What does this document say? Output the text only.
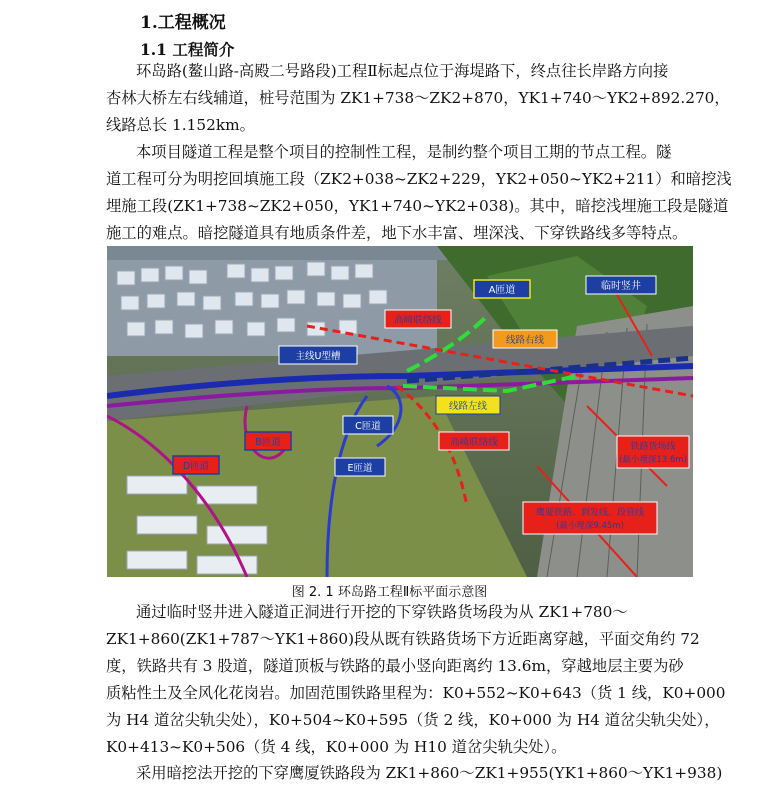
1.工程概况
1.1 工程简介
环岛路(鳌山路-高殿二号路段)工程Ⅱ标起点位于海堤路下，终点往长岸路方向接
杏林大桥左右线辅道，桩号范围为 ZK1+738～ZK2+870，YK1+740～YK2+892.270，
线路总长 1.152km。
本项目隧道工程是整个项目的控制性工程，是制约整个项目工期的节点工程。隧
道工程可分为明挖回填施工段（ZK2+038~ZK2+229，YK2+050~YK2+211）和暗挖浅
埋施工段(ZK1+738~ZK2+050，YK1+740~YK2+038)。其中，暗挖浅埋施工段是隧道
施工的难点。暗挖隧道具有地质条件差，地下水丰富、埋深浅、下穿铁路线多等特点。
A匝道	临时竖井
高崎联络线
线路右线
主线U型槽
线路左线
C匝道
B匝道	高崎联络线
D匝道	E匝道
铁路货场线
(最小埋深13.6m)
鹰厦铁路、到发线、段管线
(最小埋深9.45m)
图 2. 1 环岛路工程Ⅱ标平面示意图
通过临时竖井进入隧道正洞进行开挖的下穿铁路货场段为从 ZK1+780～
ZK1+860(ZK1+787～YK1+860)段从既有铁路货场下方近距离穿越，平面交角约 72
度，铁路共有 3 股道，隧道顶板与铁路的最小竖向距离约 13.6m，穿越地层主要为砂
质粘性土及全风化花岗岩。加固范围铁路里程为：K0+552~K0+643（货 1 线，K0+000
为 H4 道岔尖轨尖处），K0+504~K0+595（货 2 线，K0+000 为 H4 道岔尖轨尖处），
K0+413~K0+506（货 4 线，K0+000 为 H10 道岔尖轨尖处）。
采用暗挖法开挖的下穿鹰厦铁路段为 ZK1+860～ZK1+955(YK1+860～YK1+938)
